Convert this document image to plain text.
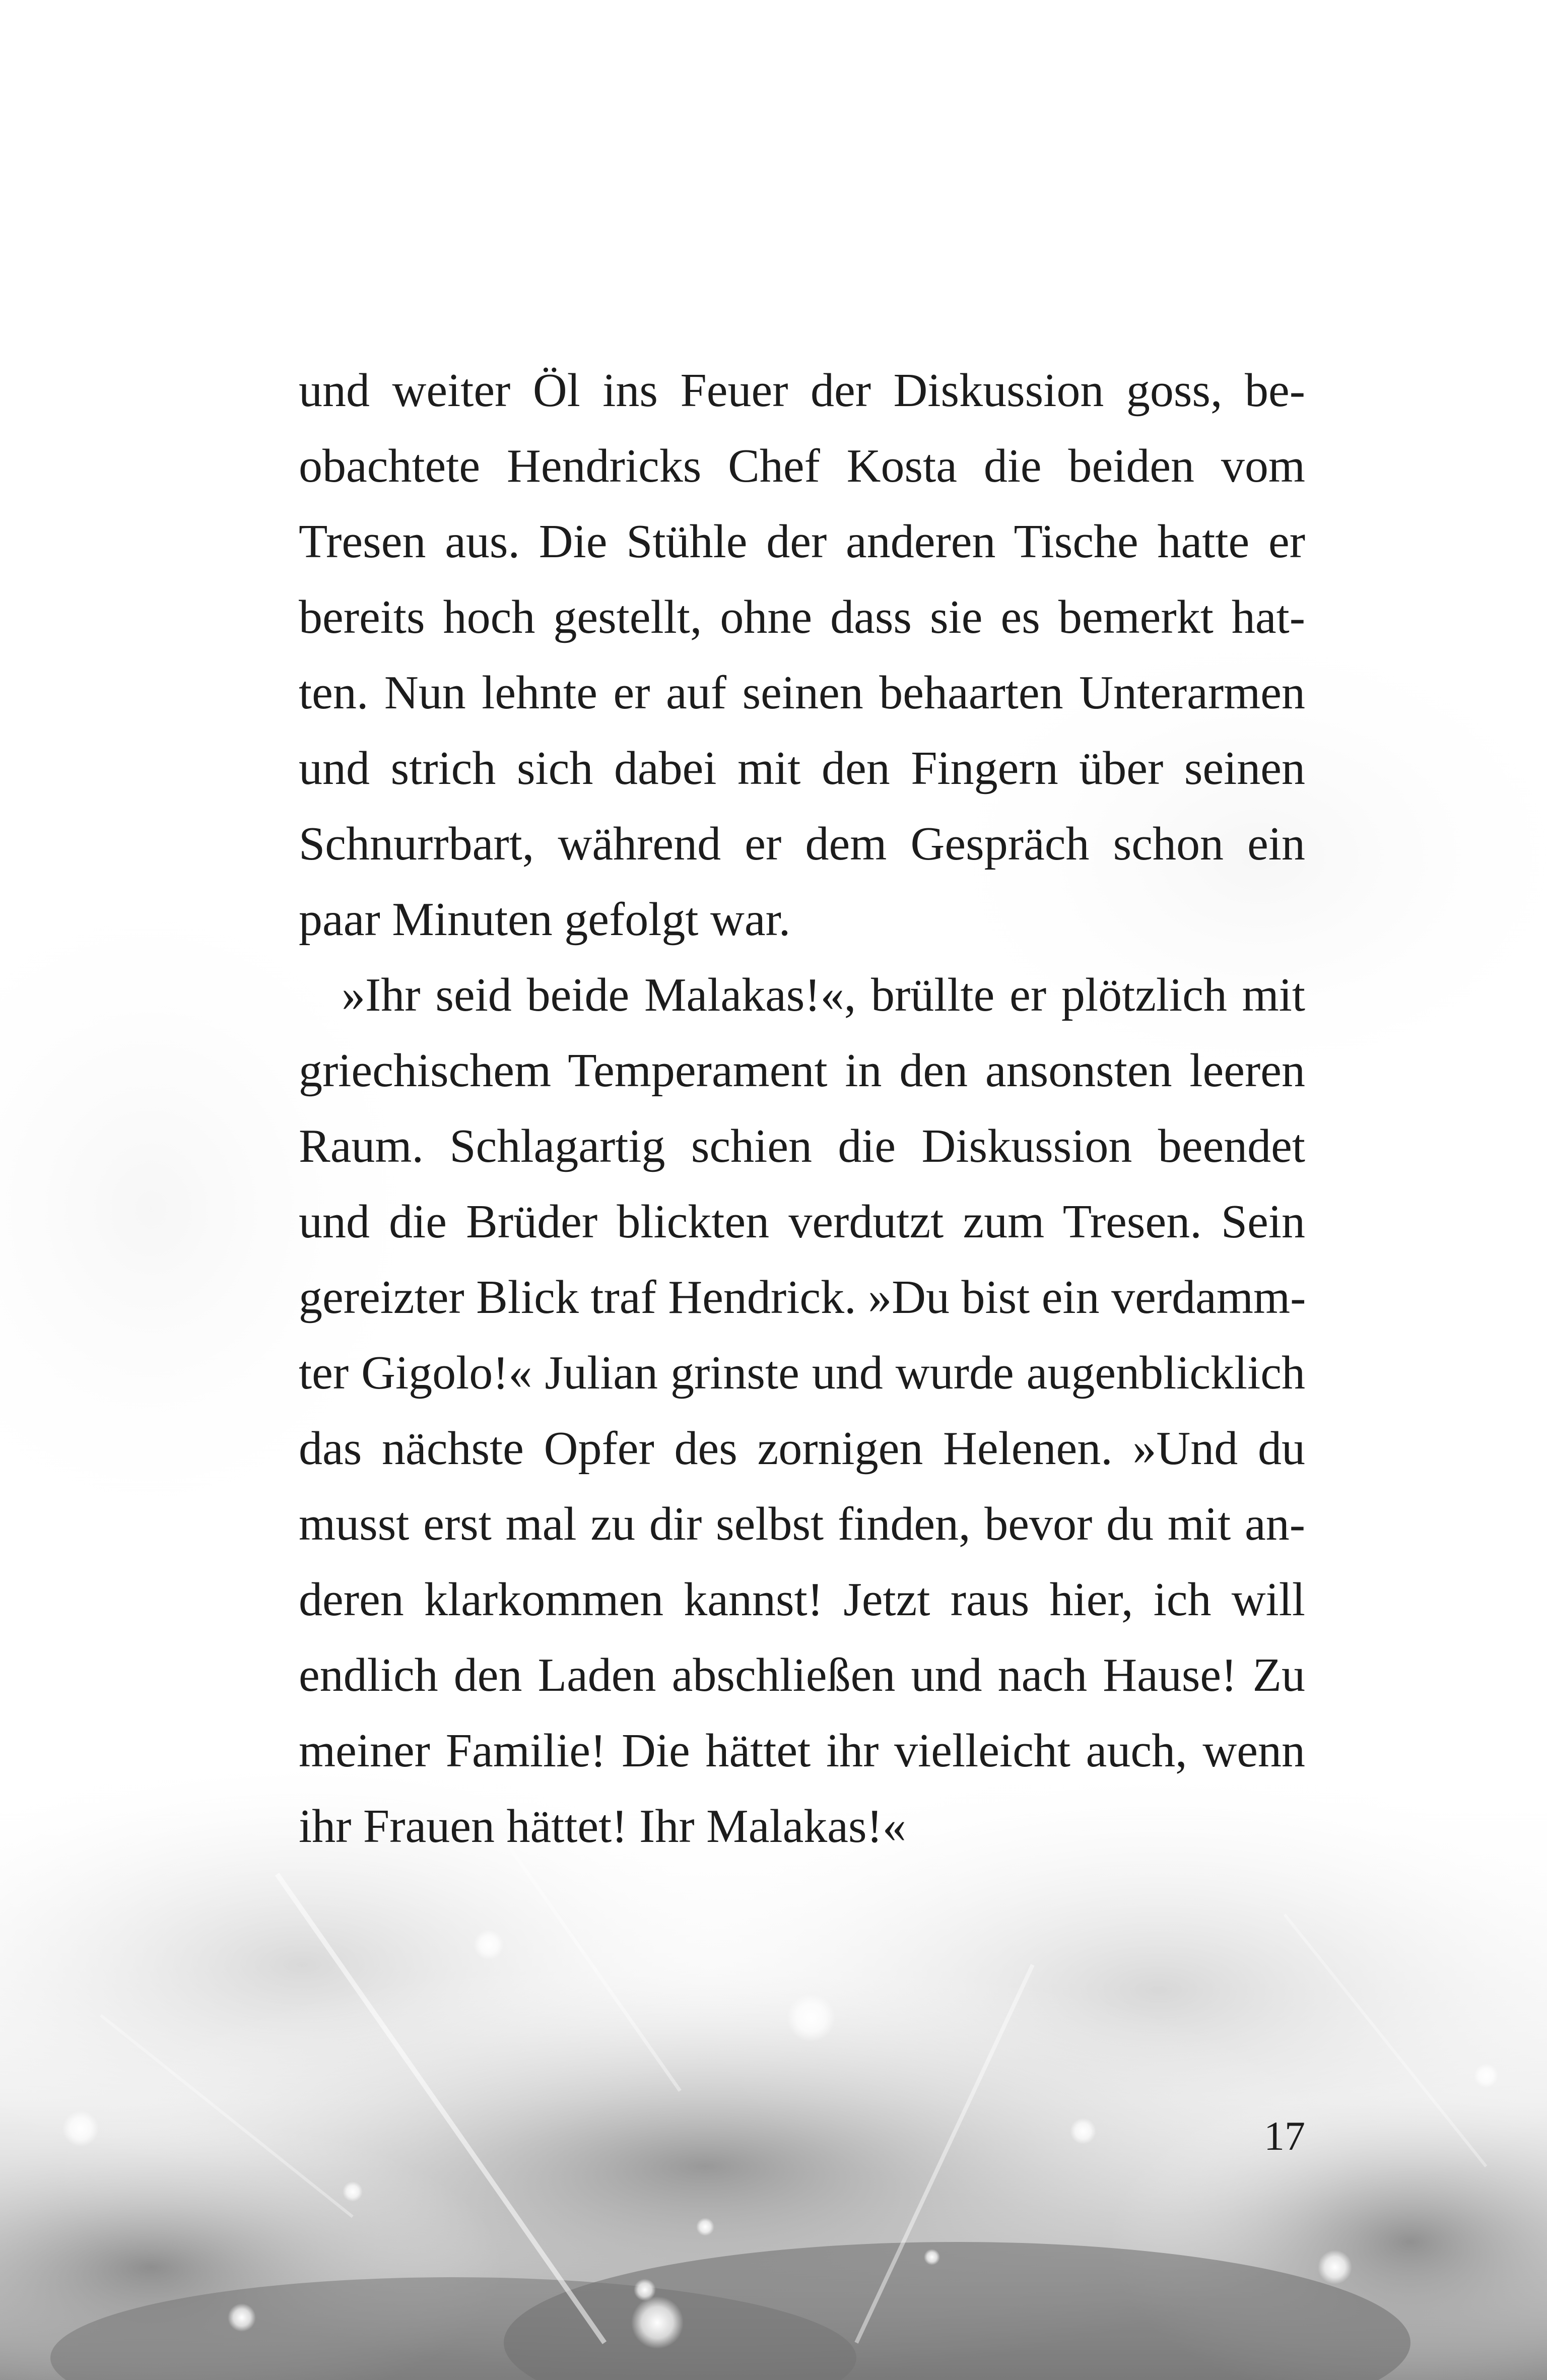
und weiter Öl ins Feuer der Diskussion goss, be-
obachtete Hendricks Chef Kosta die beiden vom
Tresen aus. Die Stühle der anderen Tische hatte er
bereits hoch gestellt, ohne dass sie es bemerkt hat-
ten. Nun lehnte er auf seinen behaarten Unterarmen
und strich sich dabei mit den Fingern über seinen
Schnurrbart, während er dem Gespräch schon ein
paar Minuten gefolgt war.

»Ihr seid beide Malakas!«, brüllte er plötzlich mit
griechischem Temperament in den ansonsten leeren
Raum. Schlagartig schien die Diskussion beendet
und die Brüder blickten verdutzt zum Tresen. Sein
gereizter Blick traf Hendrick. »Du bist ein verdamm-
ter Gigolo!« Julian grinste und wurde augenblicklich
das nächste Opfer des zornigen Helenen. »Und du
musst erst mal zu dir selbst finden, bevor du mit an-
deren klarkommen kannst! Jetzt raus hier, ich will
endlich den Laden abschließen und nach Hause! Zu
meiner Familie! Die hättet ihr vielleicht auch, wenn
ihr Frauen hättet! Ihr Malakas!«

17
